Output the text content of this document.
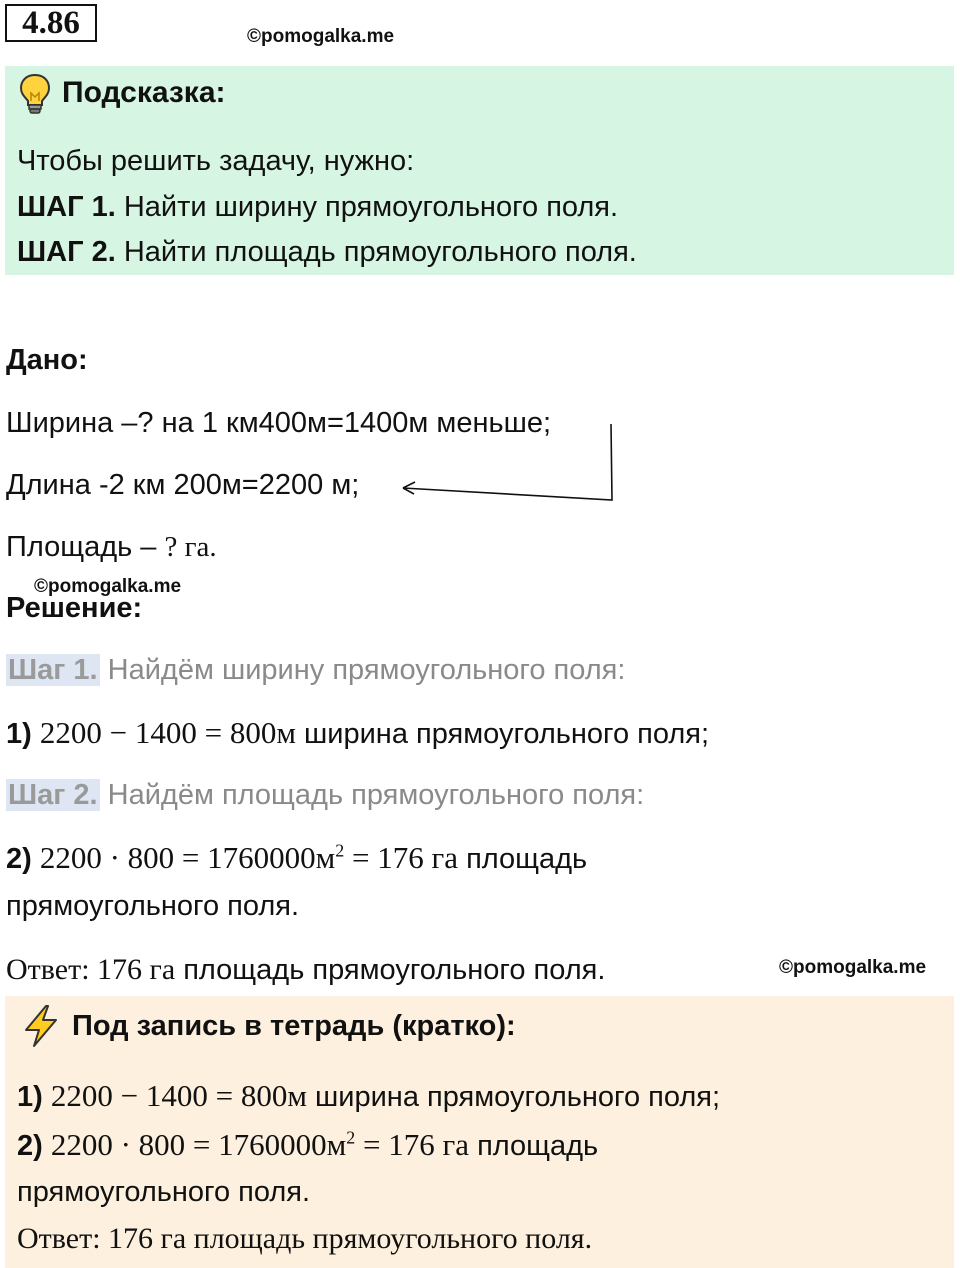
4.86	©pomogalka.me
Подсказка:
Чтобы решить задачу, нужно:
ШАГ 1. Найти ширину прямоугольного поля.
ШАГ 2. Найти площадь прямоугольного поля.
Дано:
Ширина –? на 1 км400м=1400м меньше;
Длина -2 км 200м=2200 м;
Площадь – ? га.
©pomogalka.me
Решение:
Шаг 1. Найдём ширину прямоугольного поля:
1) 2200 − 1400 = 800м ширина прямоугольного поля;
Шаг 2. Найдём площадь прямоугольного поля:
2) $2200 \cdot 800 = 1760000м^2 = 176$ га площадь
прямоугольного поля.
Ответ: 176 га площадь прямоугольного поля.	©pomogalka.me
Под запись в тетрадь (кратко):
1) 2200 − 1400 = 800м ширина прямоугольного поля;
2) $2200 \cdot 800 = 1760000м^2 = 176$ га площадь
прямоугольного поля.
Ответ: 176 га площадь прямоугольного поля.
